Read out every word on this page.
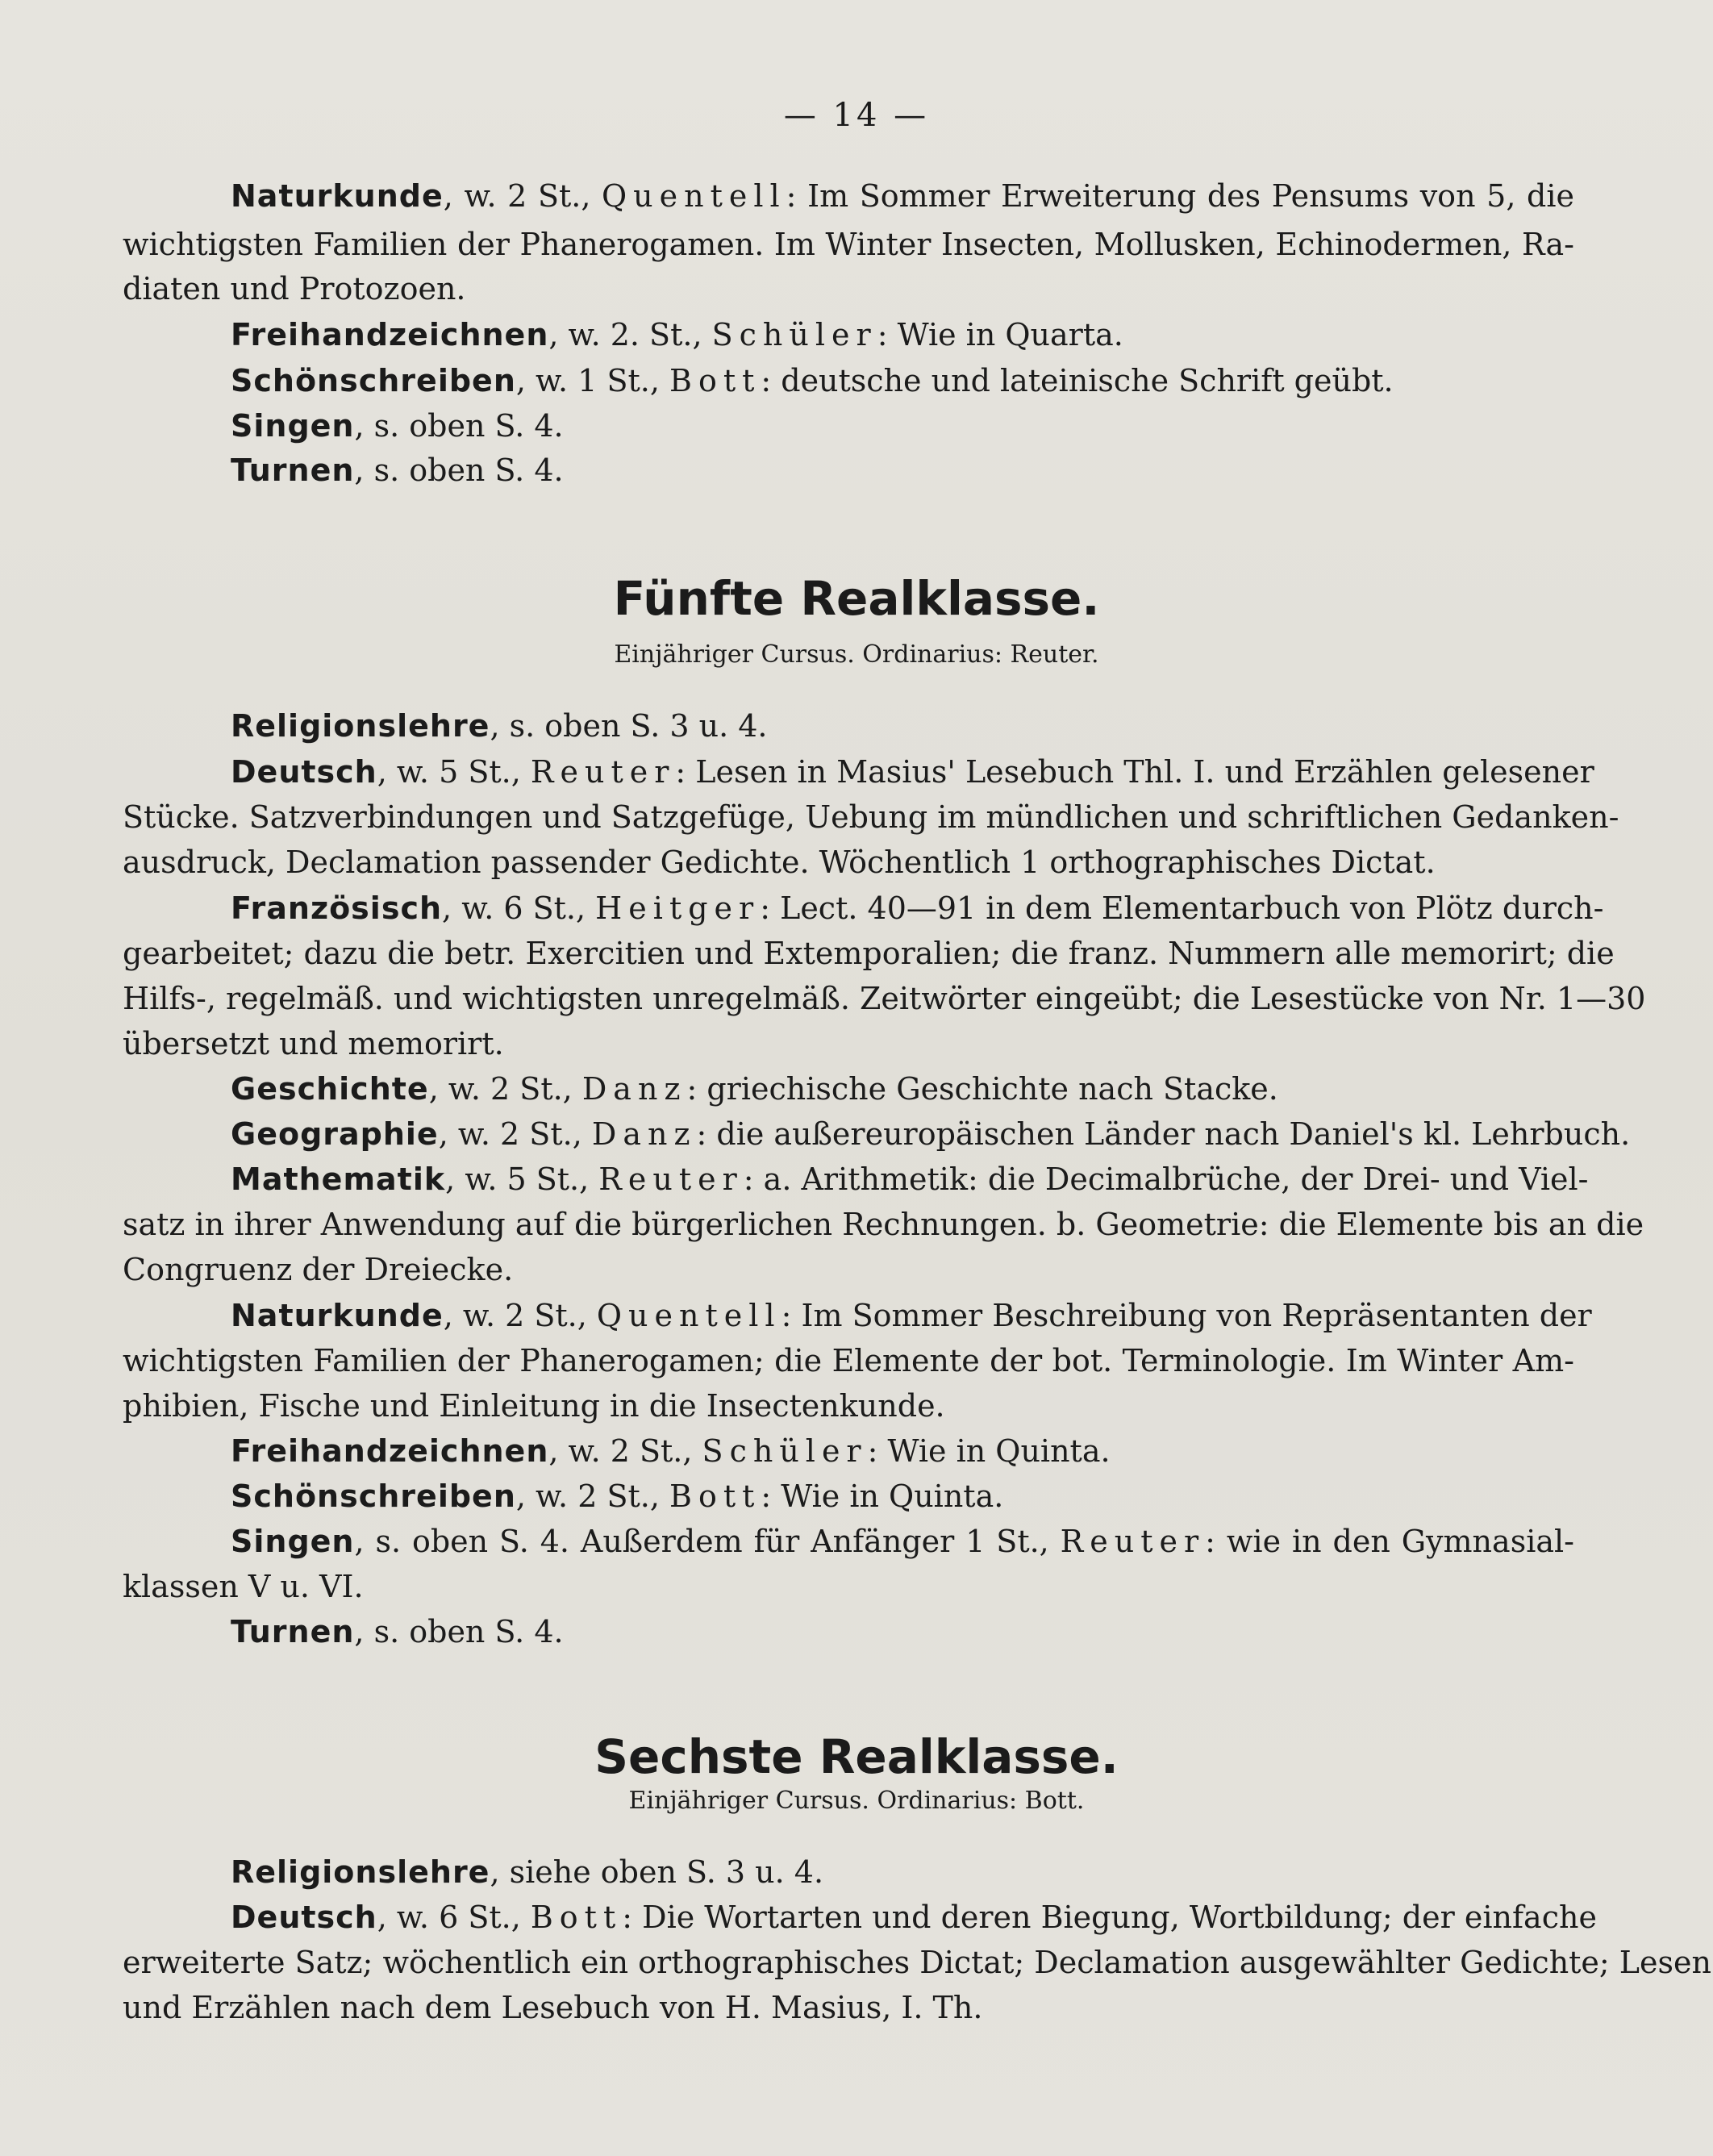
— 14 —
Naturkunde, w. 2 St., Quentell: Im Sommer Erweiterung des Pensums von 5, die
wichtigsten Familien der Phanerogamen. Im Winter Insecten, Mollusken, Echinodermen, Ra-
diaten und Protozoen.
Freihandzeichnen, w. 2. St., Schüler: Wie in Quarta.
Schönschreiben, w. 1 St., Bott: deutsche und lateinische Schrift geübt.
Singen, s. oben S. 4.
Turnen, s. oben S. 4.
Fünfte Realklasse.
Einjähriger Cursus. Ordinarius: Reuter.
Religionslehre, s. oben S. 3 u. 4.
Deutsch, w. 5 St., Reuter: Lesen in Masius' Lesebuch Thl. I. und Erzählen gelesener
Stücke. Satzverbindungen und Satzgefüge, Uebung im mündlichen und schriftlichen Gedanken-
ausdruck, Declamation passender Gedichte. Wöchentlich 1 orthographisches Dictat.
Französisch, w. 6 St., Heitger: Lect. 40—91 in dem Elementarbuch von Plötz durch-
gearbeitet; dazu die betr. Exercitien und Extemporalien; die franz. Nummern alle memorirt; die
Hilfs-, regelmäß. und wichtigsten unregelmäß. Zeitwörter eingeübt; die Lesestücke von Nr. 1—30
übersetzt und memorirt.
Geschichte, w. 2 St., Danz: griechische Geschichte nach Stacke.
Geographie, w. 2 St., Danz: die außereuropäischen Länder nach Daniel's kl. Lehrbuch.
Mathematik, w. 5 St., Reuter: a. Arithmetik: die Decimalbrüche, der Drei- und Viel-
satz in ihrer Anwendung auf die bürgerlichen Rechnungen. b. Geometrie: die Elemente bis an die
Congruenz der Dreiecke.
Naturkunde, w. 2 St., Quentell: Im Sommer Beschreibung von Repräsentanten der
wichtigsten Familien der Phanerogamen; die Elemente der bot. Terminologie. Im Winter Am-
phibien, Fische und Einleitung in die Insectenkunde.
Freihandzeichnen, w. 2 St., Schüler: Wie in Quinta.
Schönschreiben, w. 2 St., Bott: Wie in Quinta.
Singen, s. oben S. 4. Außerdem für Anfänger 1 St., Reuter: wie in den Gymnasial-
klassen V u. VI.
Turnen, s. oben S. 4.
Sechste Realklasse.
Einjähriger Cursus. Ordinarius: Bott.
Religionslehre, siehe oben S. 3 u. 4.
Deutsch, w. 6 St., Bott: Die Wortarten und deren Biegung, Wortbildung; der einfache
erweiterte Satz; wöchentlich ein orthographisches Dictat; Declamation ausgewählter Gedichte; Lesen
und Erzählen nach dem Lesebuch von H. Masius, I. Th.
